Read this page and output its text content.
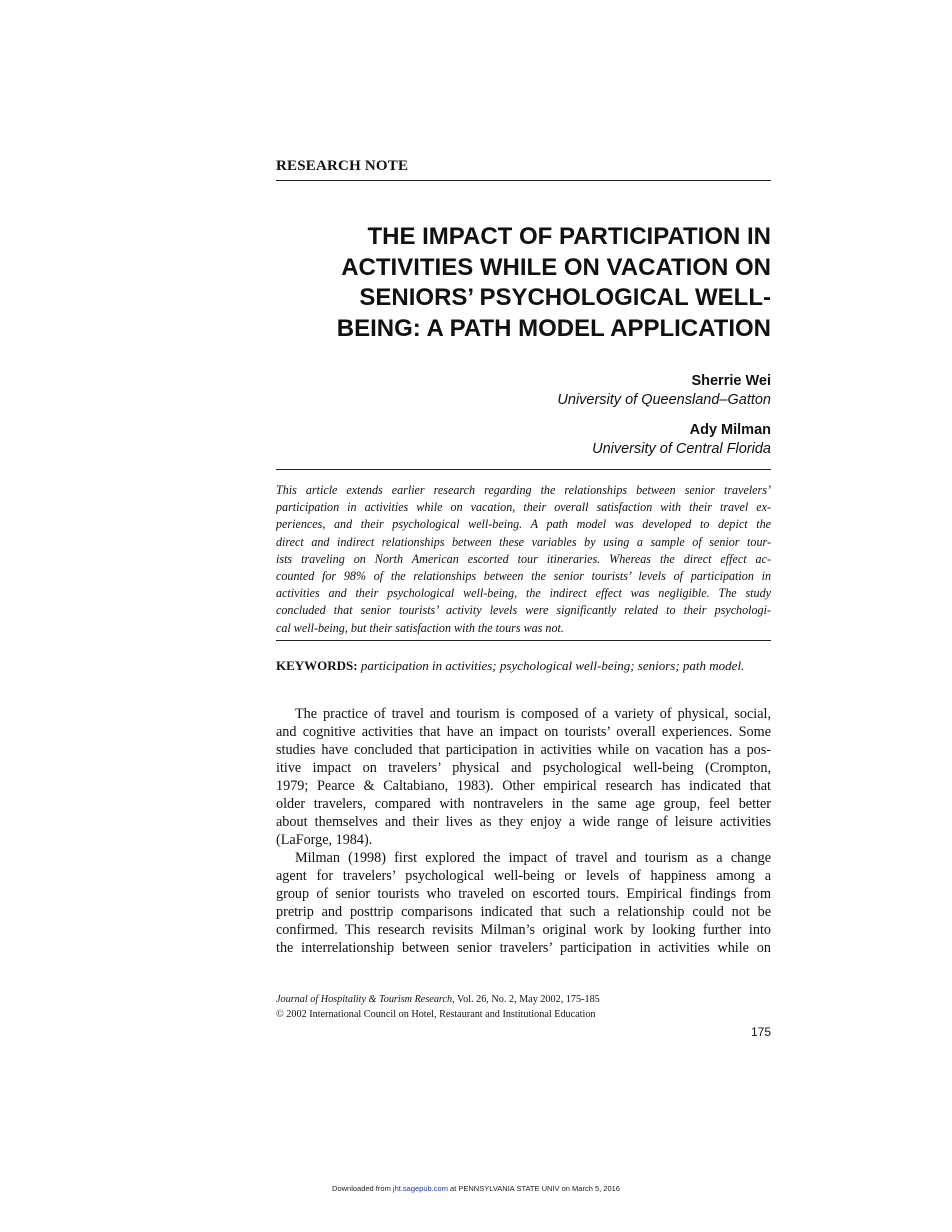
RESEARCH NOTE
THE IMPACT OF PARTICIPATION IN
ACTIVITIES WHILE ON VACATION ON
SENIORS’ PSYCHOLOGICAL WELL-
BEING: A PATH MODEL APPLICATION
Sherrie Wei
University of Queensland–Gatton
Ady Milman
University of Central Florida
This article extends earlier research regarding the relationships between senior travelers’
participation in activities while on vacation, their overall satisfaction with their travel ex-
periences, and their psychological well-being. A path model was developed to depict the
direct and indirect relationships between these variables by using a sample of senior tour-
ists traveling on North American escorted tour itineraries. Whereas the direct effect ac-
counted for 98% of the relationships between the senior tourists’ levels of participation in
activities and their psychological well-being, the indirect effect was negligible. The study
concluded that senior tourists’ activity levels were significantly related to their psychologi-
cal well-being, but their satisfaction with the tours was not.
KEYWORDS: participation in activities; psychological well-being; seniors; path model.
The practice of travel and tourism is composed of a variety of physical, social,
and cognitive activities that have an impact on tourists’ overall experiences. Some
studies have concluded that participation in activities while on vacation has a pos-
itive impact on travelers’ physical and psychological well-being (Crompton,
1979; Pearce & Caltabiano, 1983). Other empirical research has indicated that
older travelers, compared with nontravelers in the same age group, feel better
about themselves and their lives as they enjoy a wide range of leisure activities
(LaForge, 1984).
Milman (1998) first explored the impact of travel and tourism as a change
agent for travelers’ psychological well-being or levels of happiness among a
group of senior tourists who traveled on escorted tours. Empirical findings from
pretrip and posttrip comparisons indicated that such a relationship could not be
confirmed. This research revisits Milman’s original work by looking further into
the interrelationship between senior travelers’ participation in activities while on
Journal of Hospitality & Tourism Research, Vol. 26, No. 2, May 2002, 175-185
© 2002 International Council on Hotel, Restaurant and Institutional Education
175
Downloaded from jht.sagepub.com at PENNSYLVANIA STATE UNIV on March 5, 2016
